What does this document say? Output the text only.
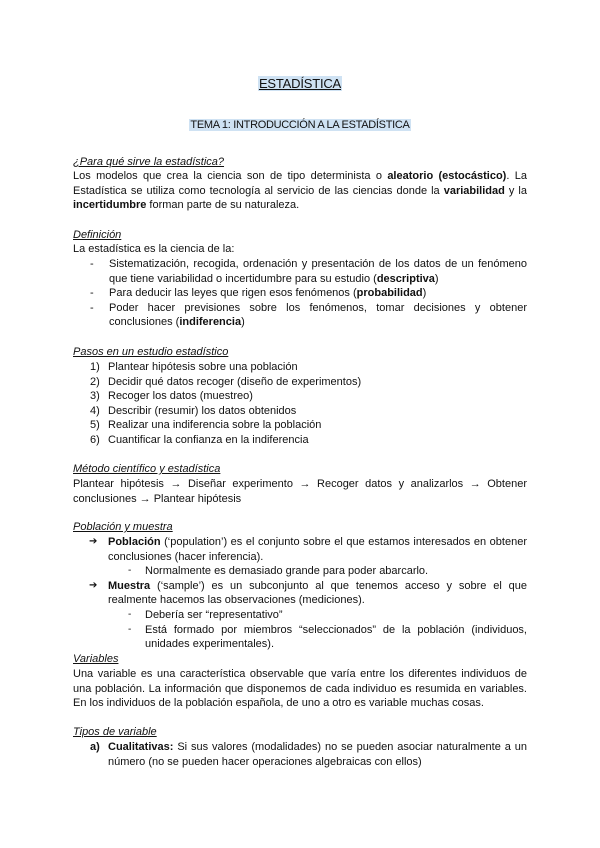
ESTADÍSTICA
TEMA 1: INTRODUCCIÓN A LA ESTADÍSTICA
¿Para qué sirve la estadística?
Los modelos que crea la ciencia son de tipo determinista o aleatorio (estocástico). La Estadística se utiliza como tecnología al servicio de las ciencias donde la variabilidad y la incertidumbre forman parte de su naturaleza.
Definición
La estadística es la ciencia de la:
- Sistematización, recogida, ordenación y presentación de los datos de un fenómeno que tiene variabilidad o incertidumbre para su estudio (descriptiva)
- Para deducir las leyes que rigen esos fenómenos (probabilidad)
- Poder hacer previsiones sobre los fenómenos, tomar decisiones y obtener conclusiones (indiferencia)
Pasos en un estudio estadístico
1) Plantear hipótesis sobre una población
2) Decidir qué datos recoger (diseño de experimentos)
3) Recoger los datos (muestreo)
4) Describir (resumir) los datos obtenidos
5) Realizar una indiferencia sobre la población
6) Cuantificar la confianza en la indiferencia
Método científico y estadística
Plantear hipótesis → Diseñar experimento → Recoger datos y analizarlos → Obtener conclusiones → Plantear hipótesis
Población y muestra
➔ Población (‘population’) es el conjunto sobre el que estamos interesados en obtener conclusiones (hacer inferencia).
- Normalmente es demasiado grande para poder abarcarlo.
➔ Muestra (‘sample’) es un subconjunto al que tenemos acceso y sobre el que realmente hacemos las observaciones (mediciones).
- Debería ser “representativo”
- Está formado por miembros “seleccionados” de la población (individuos, unidades experimentales).
Variables
Una variable es una característica observable que varía entre los diferentes individuos de una población. La información que disponemos de cada individuo es resumida en variables. En los individuos de la población española, de uno a otro es variable muchas cosas.
Tipos de variable
a) Cualitativas: Si sus valores (modalidades) no se pueden asociar naturalmente a un número (no se pueden hacer operaciones algebraicas con ellos)
